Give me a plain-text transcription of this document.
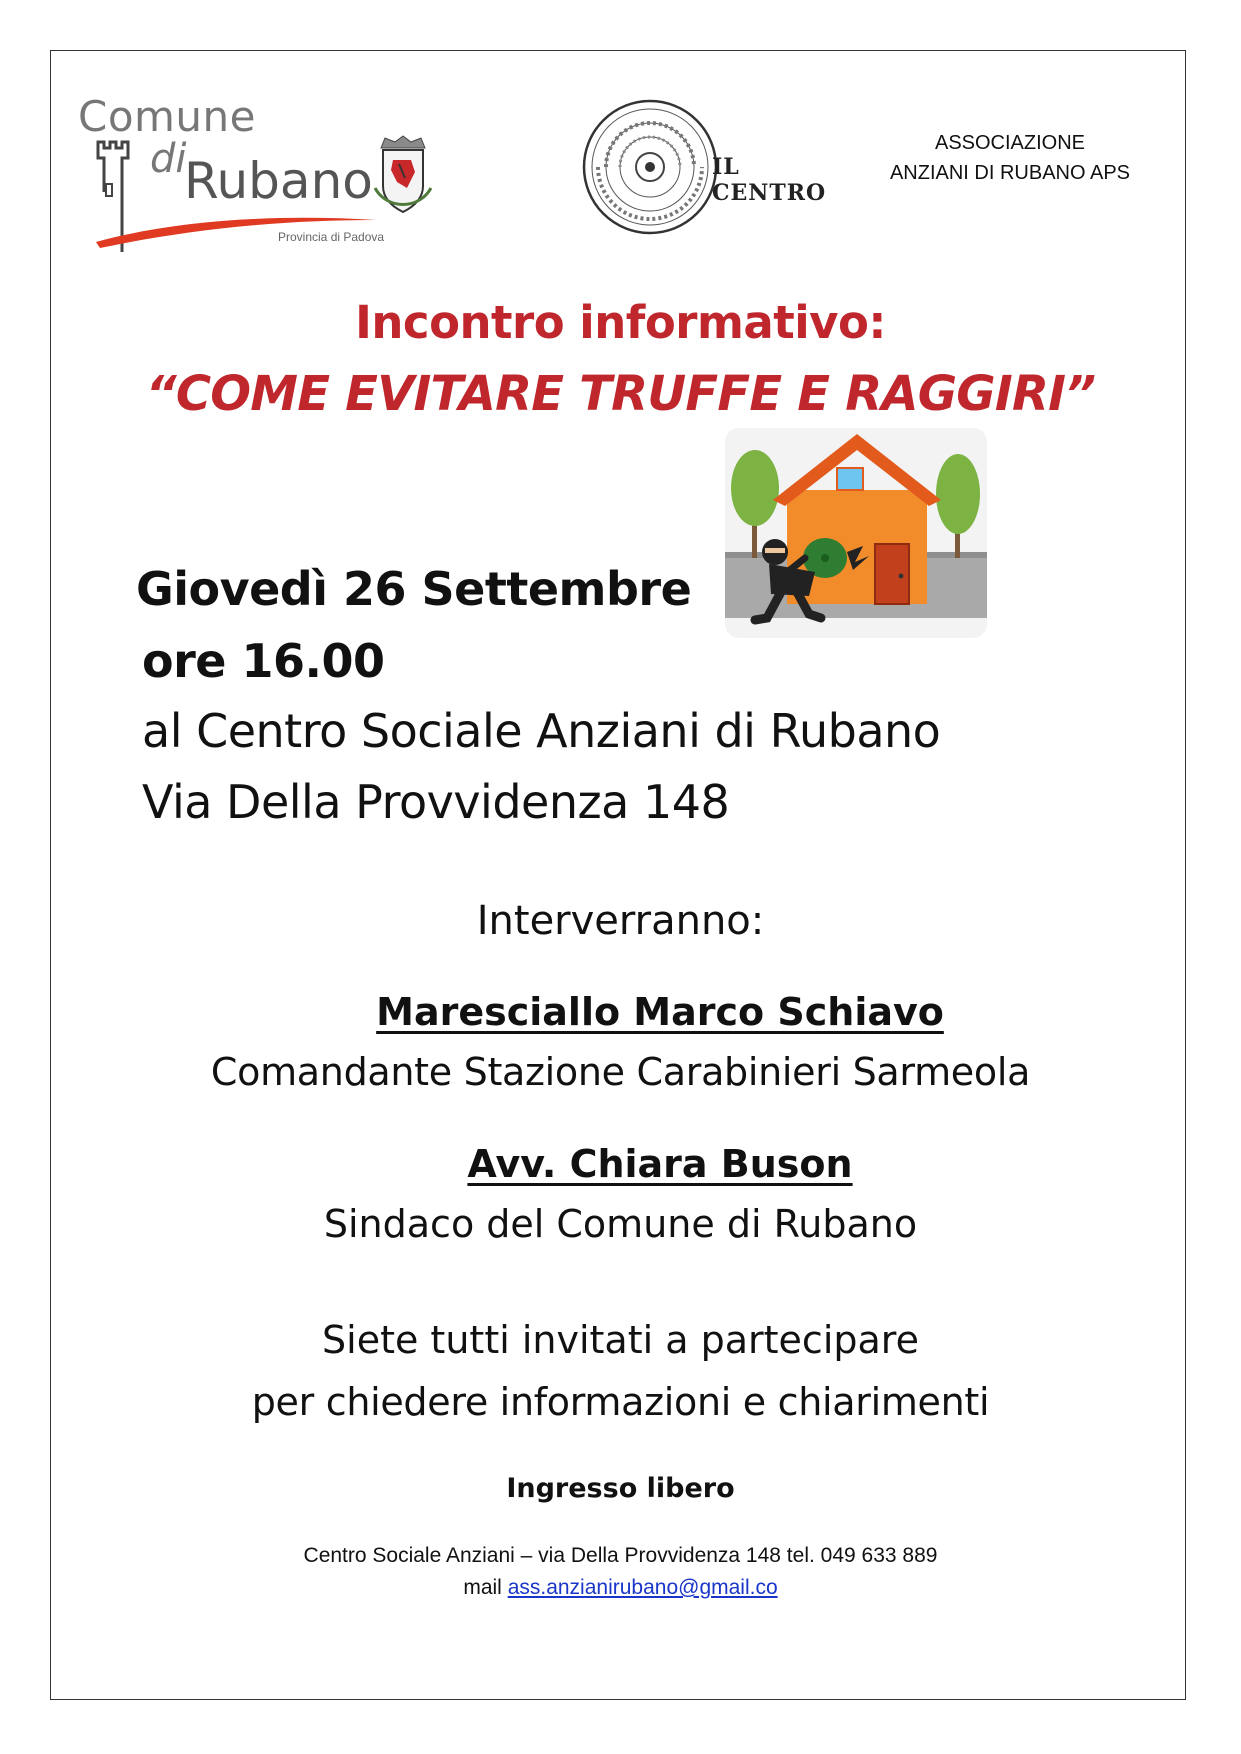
Comune
di
Rubano
Provincia di Padova
IL CENTRO
ASSOCIAZIONE
ANZIANI DI RUBANO APS
Incontro informativo:
“COME EVITARE TRUFFE E RAGGIRI”
Giovedì 26 Settembre
ore 16.00
al Centro Sociale Anziani di Rubano
Via Della Provvidenza 148
Interverranno:
Maresciallo Marco Schiavo
Comandante Stazione Carabinieri Sarmeola
Avv. Chiara Buson
Sindaco del Comune di Rubano
Siete tutti invitati a partecipare
per chiedere informazioni e chiarimenti
Ingresso libero
Centro Sociale Anziani – via Della Provvidenza 148 tel. 049 633 889
mail ass.anzianirubano@gmail.co
